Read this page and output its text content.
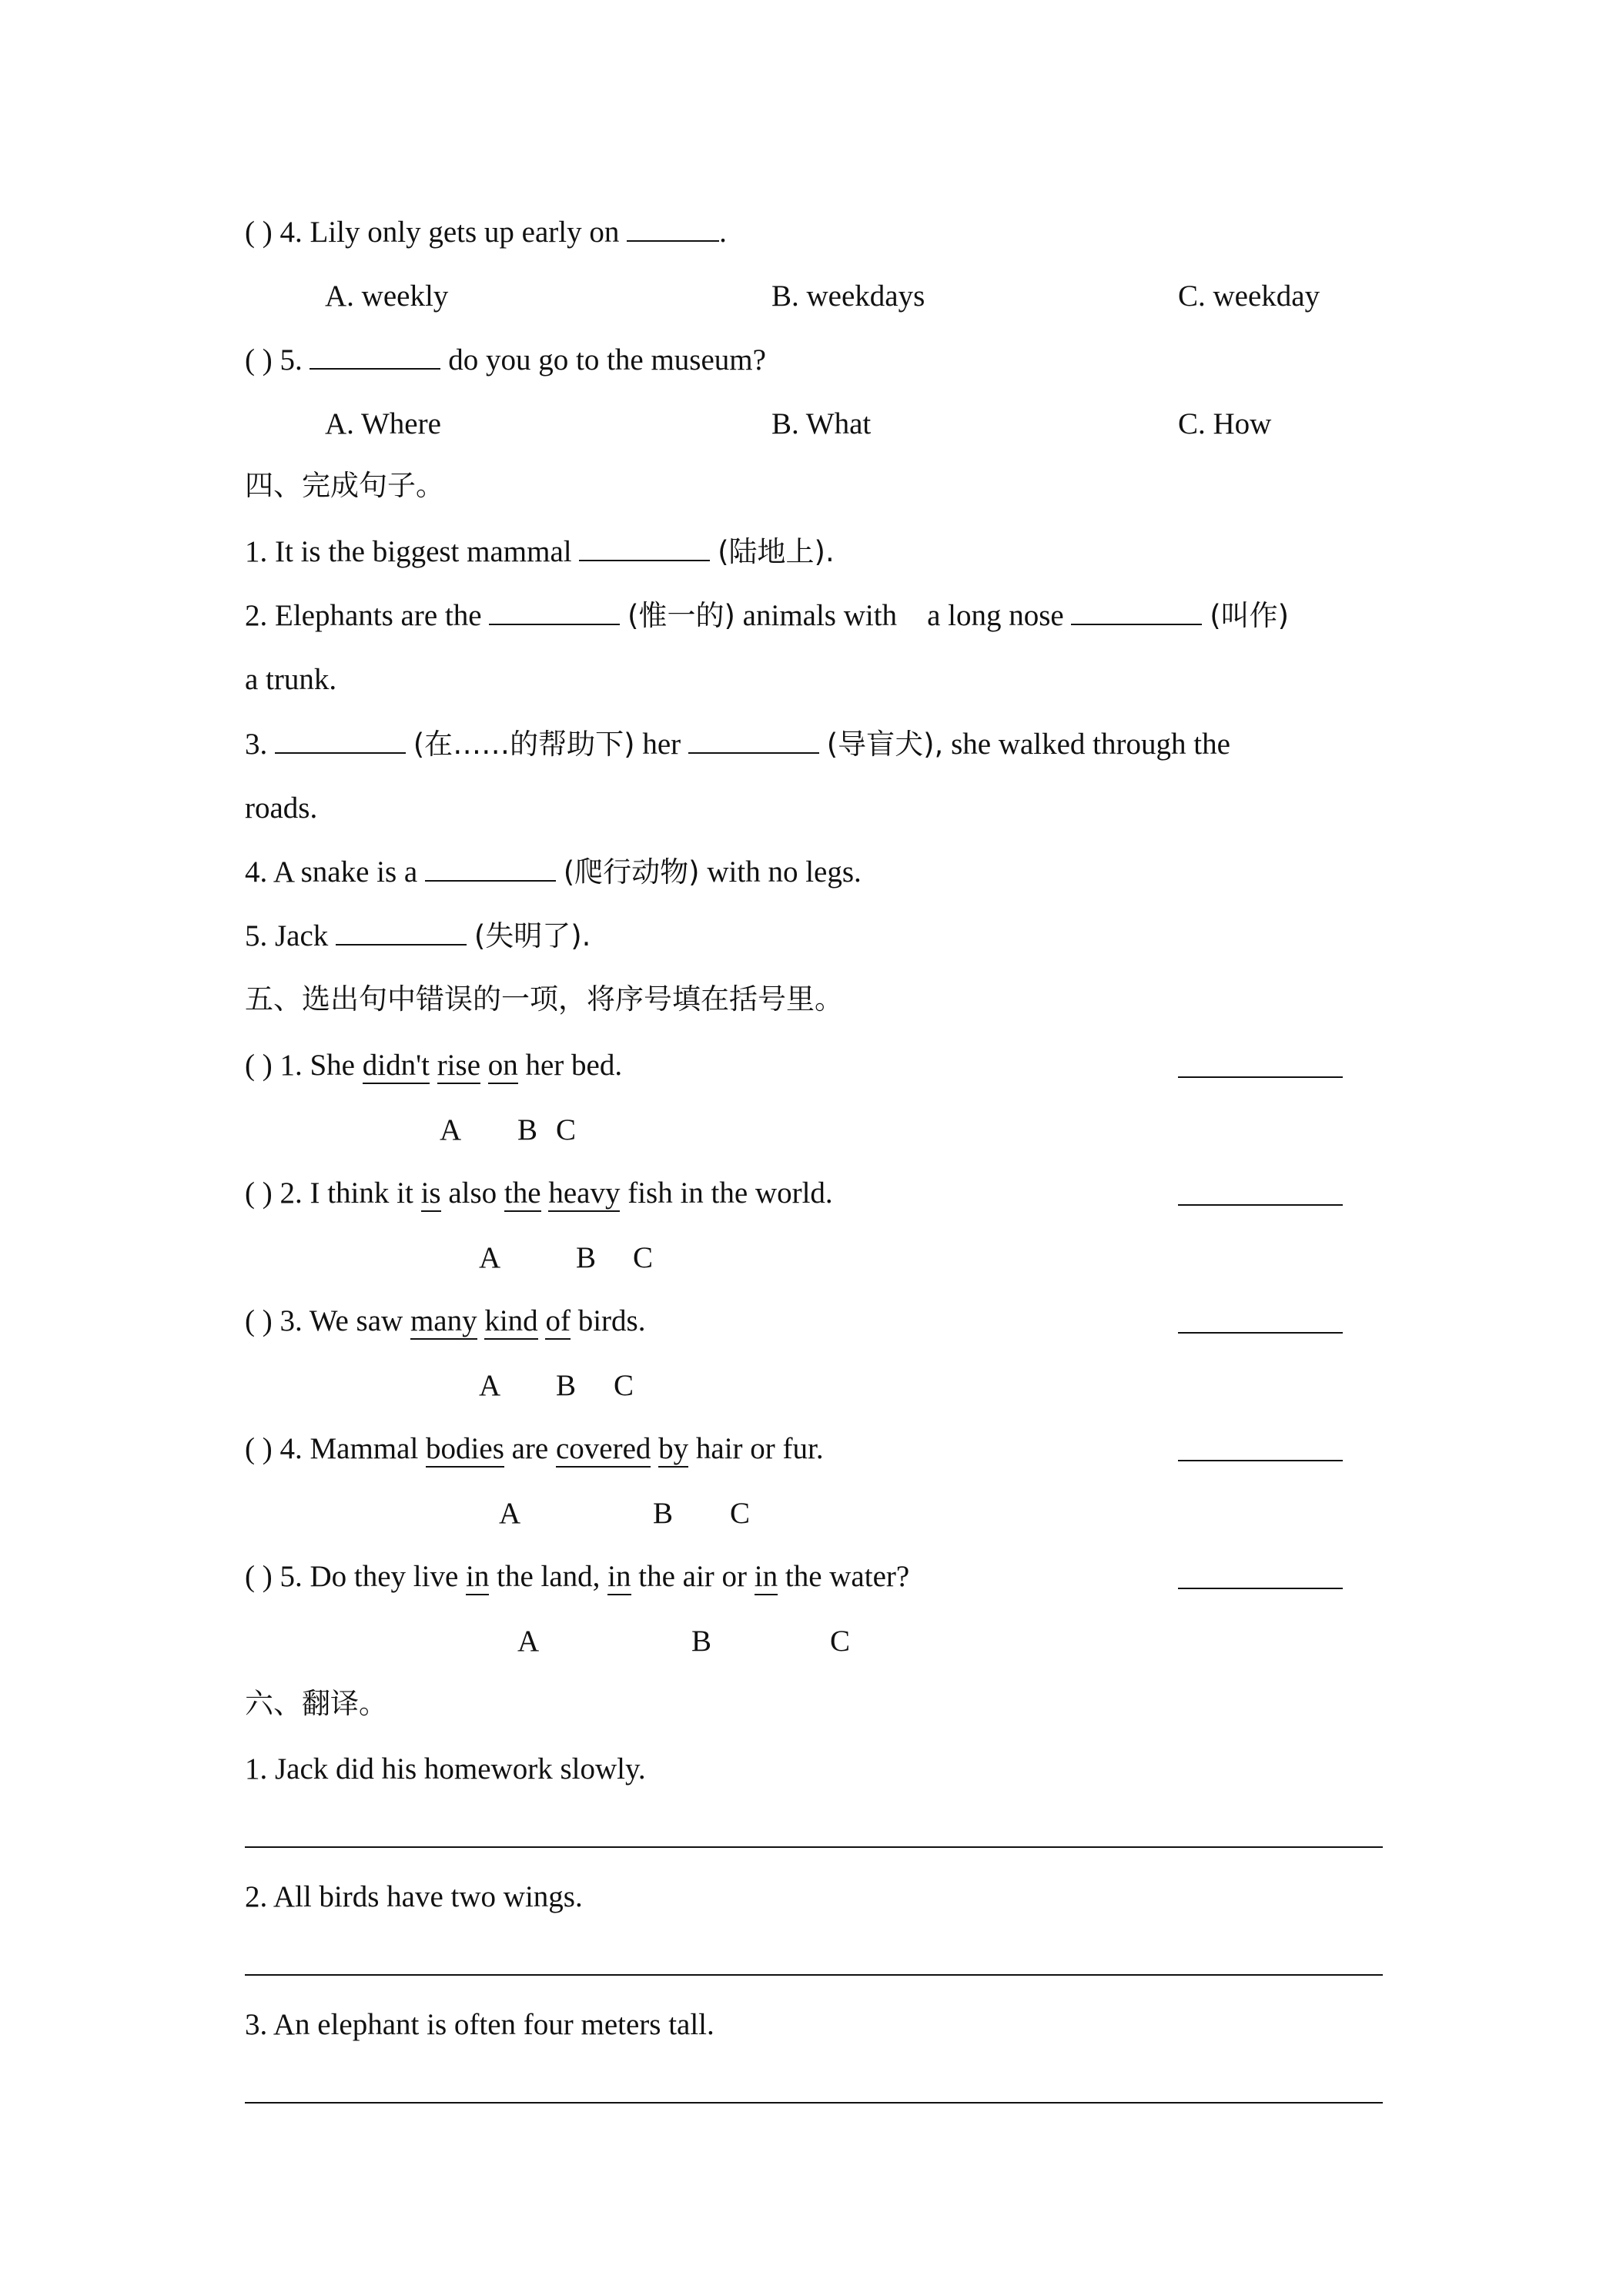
( ) 4. Lily only gets up early on	.
A. weekly	B. weekdays	C. weekday
( ) 5.	do you go to the museum?
A. Where	B. What	C. How
四、完成句子。
1. It is the biggest mammal	(陆地上).
2. Elephants are the	(惟一的) animals with a long nose	(叫作)
a trunk.
3.	(在……的帮助下) her	(导盲犬), she walked through the
roads.
4. A snake is a	(爬行动物) with no legs.
5. Jack	(失明了).
五、选出句中错误的一项，将序号填在括号里。
( ) 1. She didn't rise on her bed.
A B C
( ) 2. I think it is also the heavy fish in the world.
A	B C
( ) 3. We saw many kind of birds.
A B C
( ) 4. Mammal bodies are covered by hair or fur.
A	B C
( ) 5. Do they live in the land, in the air or in the water?
A	B	C
六、翻译。
1. Jack did his homework slowly.
2. All birds have two wings.
3. An elephant is often four meters tall.
